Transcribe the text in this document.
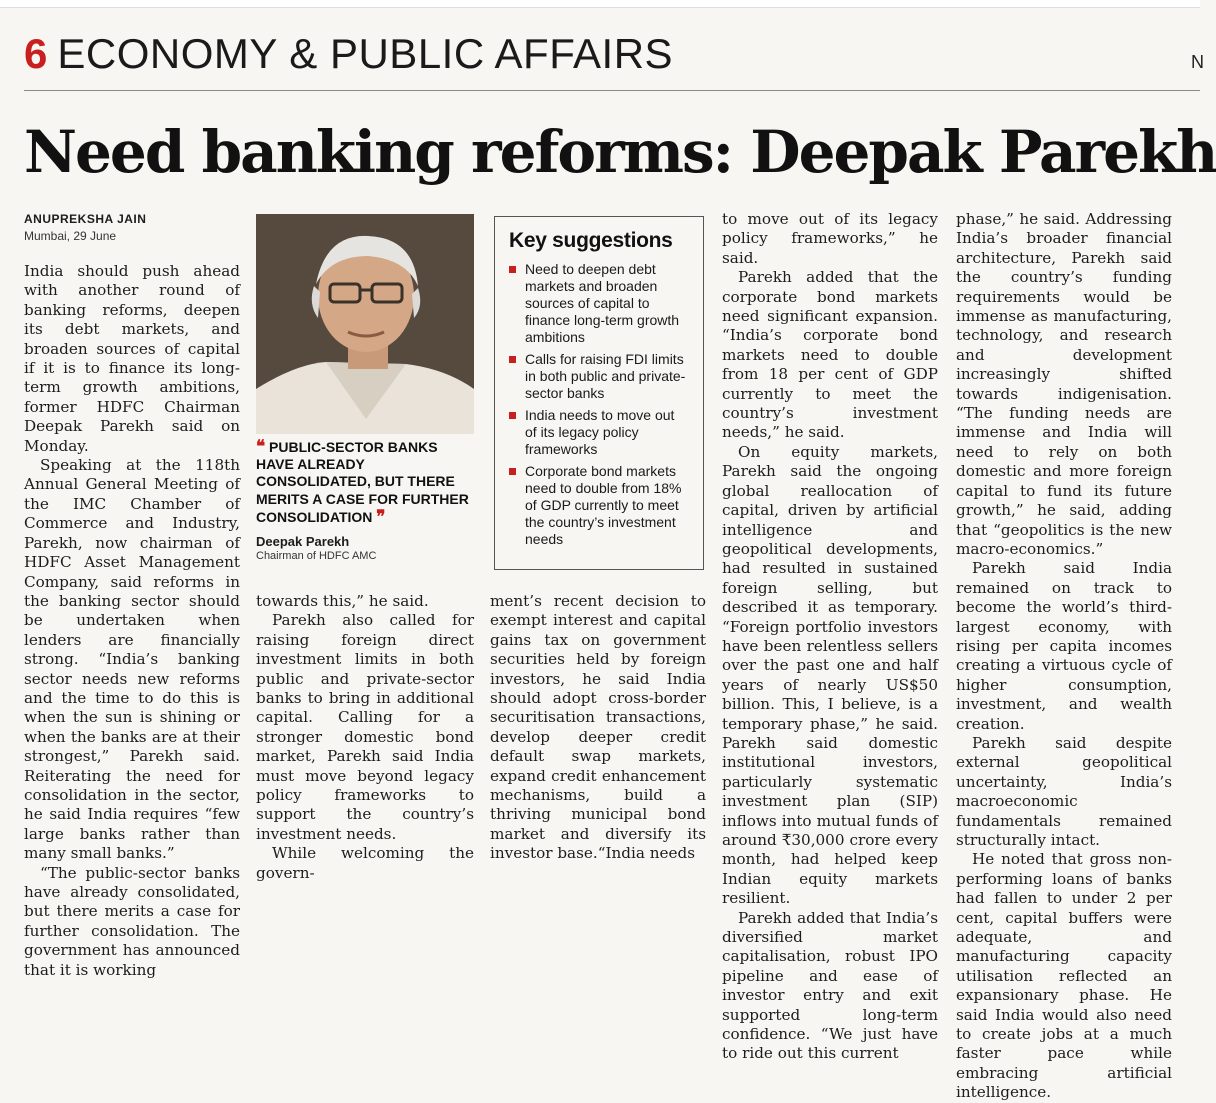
6 ECONOMY & PUBLIC AFFAIRS	N
Need banking reforms: Deepak Parekh
ANUPREKSHA JAIN
Mumbai, 29 June

India should push ahead with another round of banking reforms, deepen its debt markets, and broaden sources of capital if it is to finance its long-term growth ambitions, former HDFC Chairman Deepak Parekh said on Monday.

Speaking at the 118th Annual General Meeting of the IMC Chamber of Commerce and Industry, Parekh, now chairman of HDFC Asset Management Company, said reforms in the banking sector should be undertaken when lenders are financially strong. “India’s banking sector needs new reforms and the time to do this is when the sun is shining or when the banks are at their strongest,” Parekh said. Reiterating the need for consolidation in the sector, he said India requires “few large banks rather than many small banks.”

“The public-sector banks have already consolidated, but there merits a case for further consolidation. The government has announced that it is working

❝ PUBLIC-SECTOR BANKS HAVE ALREADY CONSOLIDATED, BUT THERE MERITS A CASE FOR FURTHER CONSOLIDATION ❞
Deepak Parekh
Chairman of HDFC AMC

towards this,” he said.

Parekh also called for raising foreign direct investment limits in both public and private-sector banks to bring in additional capital. Calling for a stronger domestic bond market, Parekh said India must move beyond legacy policy frameworks to support the country’s investment needs.

While welcoming the govern-

Key suggestions
Need to deepen debt markets and broaden sources of capital to finance long-term growth ambitions
Calls for raising FDI limits in both public and private-sector banks
India needs to move out of its legacy policy frameworks
Corporate bond markets need to double from 18% of GDP currently to meet the country’s investment needs

ment’s recent decision to exempt interest and capital gains tax on government securities held by foreign investors, he said India should adopt cross-border securitisation transactions, develop deeper credit default swap markets, expand credit enhancement mechanisms, build a thriving municipal bond market and diversify its investor base.“India needs

to move out of its legacy policy frameworks,” he said.

Parekh added that the corporate bond markets need significant expansion. “India’s corporate bond markets need to double from 18 per cent of GDP currently to meet the country’s investment needs,” he said.

On equity markets, Parekh said the ongoing global reallocation of capital, driven by artificial intelligence and geopolitical developments, had resulted in sustained foreign selling, but described it as temporary. “Foreign portfolio investors have been relentless sellers over the past one and half years of nearly US$50 billion. This, I believe, is a temporary phase,” he said. Parekh said domestic institutional investors, particularly systematic investment plan (SIP) inflows into mutual funds of around ₹30,000 crore every month, had helped keep Indian equity markets resilient.

Parekh added that India’s diversified market capitalisation, robust IPO pipeline and ease of investor entry and exit supported long-term confidence. “We just have to ride out this current

phase,” he said. Addressing India’s broader financial architecture, Parekh said the country’s funding requirements would be immense as manufacturing, technology, and research and development increasingly shifted towards indigenisation. “The funding needs are immense and India will need to rely on both domestic and more foreign capital to fund its future growth,” he said, adding that “geopolitics is the new macro-economics.”

Parekh said India remained on track to become the world’s third-largest economy, with rising per capita incomes creating a virtuous cycle of higher consumption, investment, and wealth creation.

Parekh said despite external geopolitical uncertainty, India’s macroeconomic fundamentals remained structurally intact.

He noted that gross non-performing loans of banks had fallen to under 2 per cent, capital buffers were adequate, and manufacturing capacity utilisation reflected an expansionary phase. He said India would also need to create jobs at a much faster pace while embracing artificial intelligence.
